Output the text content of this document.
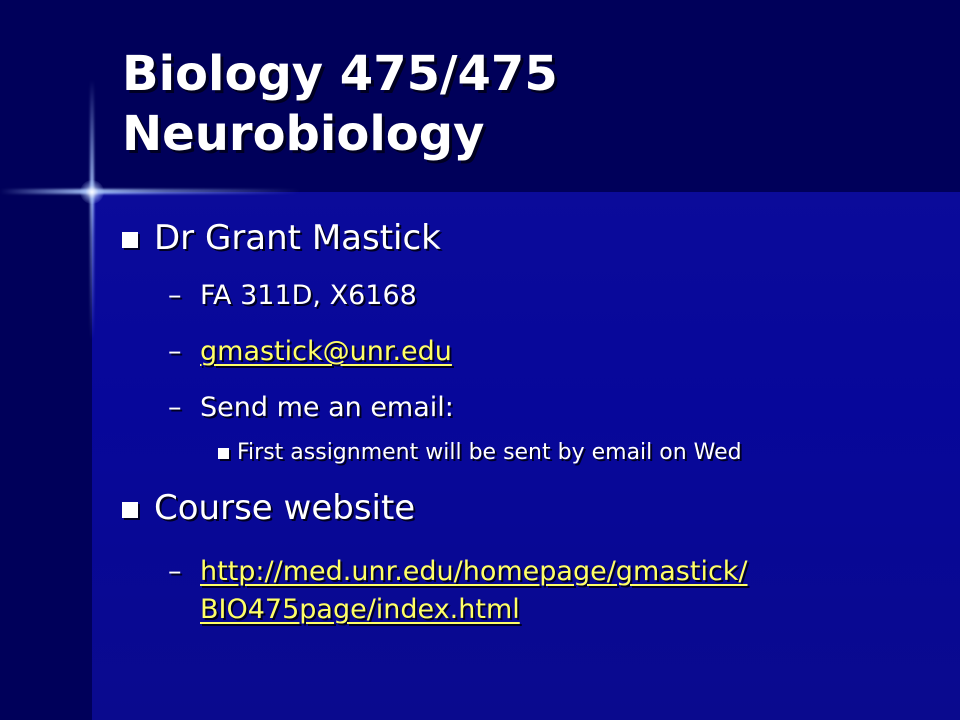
Biology 475/475
Neurobiology
Dr Grant Mastick
– FA 311D, X6168
– gmastick@unr.edu
– Send me an email:
First assignment will be sent by email on Wed
Course website
– http://med.unr.edu/homepage/gmastick/
BIO475page/index.html
